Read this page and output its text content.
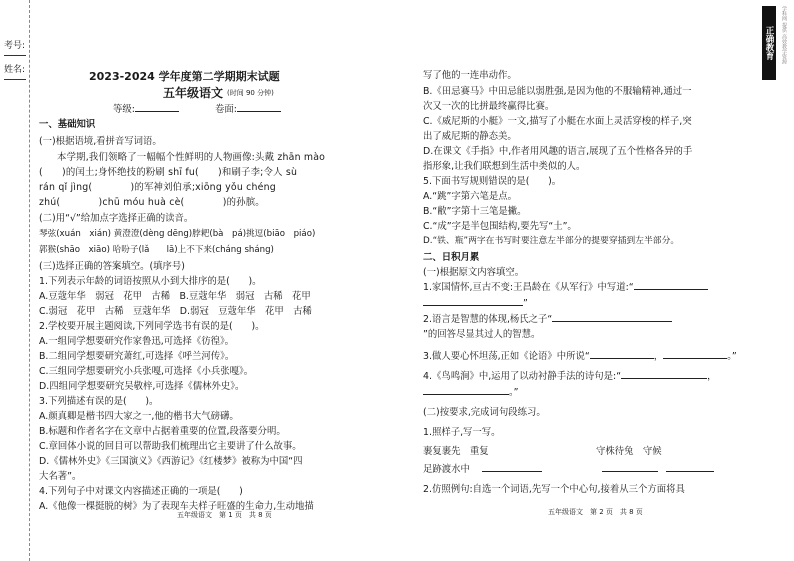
考号:
姓名:
正确教育	学科网 提供 高效教学资源
2023-2024 学年度第二学期期末试题
五年级语文 (时间 90 分钟)
等级:	卷面:
一、基础知识
(一)根据语境,看拼音写词语。
本学期,我们领略了一幅幅个性鲜明的人物画像:头戴 zhān mào
(　　)的闰土;身怀绝技的粉刷 shī fu(　　)和刷子李;令人 sù
rán qǐ jìng(　　　　)的军神刘伯承;xiōng yǒu chéng
zhú(　　　　)chū móu huà cè(　　　　)的孙膑。
(二)用“√”给加点字选择正确的读音。
琴弦(xuán　xián) 黄澄澄(dèng dēng)脖耙(bà　pá)挑逗(biāo　piáo)
郭猴(shāo　xiāo) 哈吩子(lǎ　　lā)上不下来(cháng sháng)
(三)选择正确的答案填空。(填序号)
1.下列表示年龄的词语按照从小到大排序的是(　　)。
A.豆蔻年华　弱冠　花甲　古稀　B.豆蔻年华　弱冠　古稀　花甲
C.弱冠　花甲　古稀　豆蔻年华　D.弱冠　豆蔻年华　花甲　古稀
2.学校要开展主题阅读,下列同学选书有误的是(　　)。
A.一组同学想要研究作家鲁迅,可选择《彷徨》。
B.二组同学想要研究萧红,可选择《呼兰河传》。
C.三组同学想要研究小兵张嘎,可选择《小兵张嘎》。
D.四组同学想要研究吴敬梓,可选择《儒林外史》。
3.下列描述有误的是(　　)。
A.颜真卿是楷书四大家之一,他的楷书大气磅礴。
B.标题和作者名字在文章中占据着重要的位置,段落要分明。
C.章回体小说的回目可以帮助我们梳理出它主要讲了什么故事。
D.《儒林外史》《三国演义》《西游记》《红楼梦》被称为中国“四
大名著”。
4.下列句子中对课文内容描述正确的一项是(　　)
A.《他像一棵挺脱的树》为了表现车夫样子旺盛的生命力,生动地描
五年级语文　第 1 页　共 8 页
写了他的一连串动作。
B.《田忌赛马》中田忌能以弱胜强,是因为他的不服输精神,通过一
次又一次的比拼最终赢得比赛。
C.《威尼斯的小艇》一文,描写了小艇在水面上灵活穿梭的样子,突
出了威尼斯的静态美。
D.在课文《手指》中,作者用风趣的语言,展现了五个性格各异的手
指形象,让我们联想到生活中类似的人。
5.下面书写规则错误的是(　　)。
A.“跳”字第六笔是点。
B.“敝”字第十三笔是撇。
C.“成”字是半包围结构,要先写“土”。
D.“铁、瓶”两字在书写时要注意左半部分的提要穿插到左半部分。
二、日积月累
(一)根据原文内容填空。
1.家国情怀,亘古不变:王昌龄在《从军行》中写道:“
”
2.语言是智慧的体现,杨氏之子“
”的回答尽显其过人的智慧。
3.做人要心怀坦荡,正如《论语》中所说“	，	。”
4.《鸟鸣涧》中,运用了以动衬静手法的诗句是:“	，
。”
(二)按要求,完成词句段练习。
1.照样子,写一写。
裹复裹先　重复	守株待兔　守候
足跡渡水中
2.仿照例句:自选一个词语,先写一个中心句,接着从三个方面将具
五年级语文　第 2 页　共 8 页
